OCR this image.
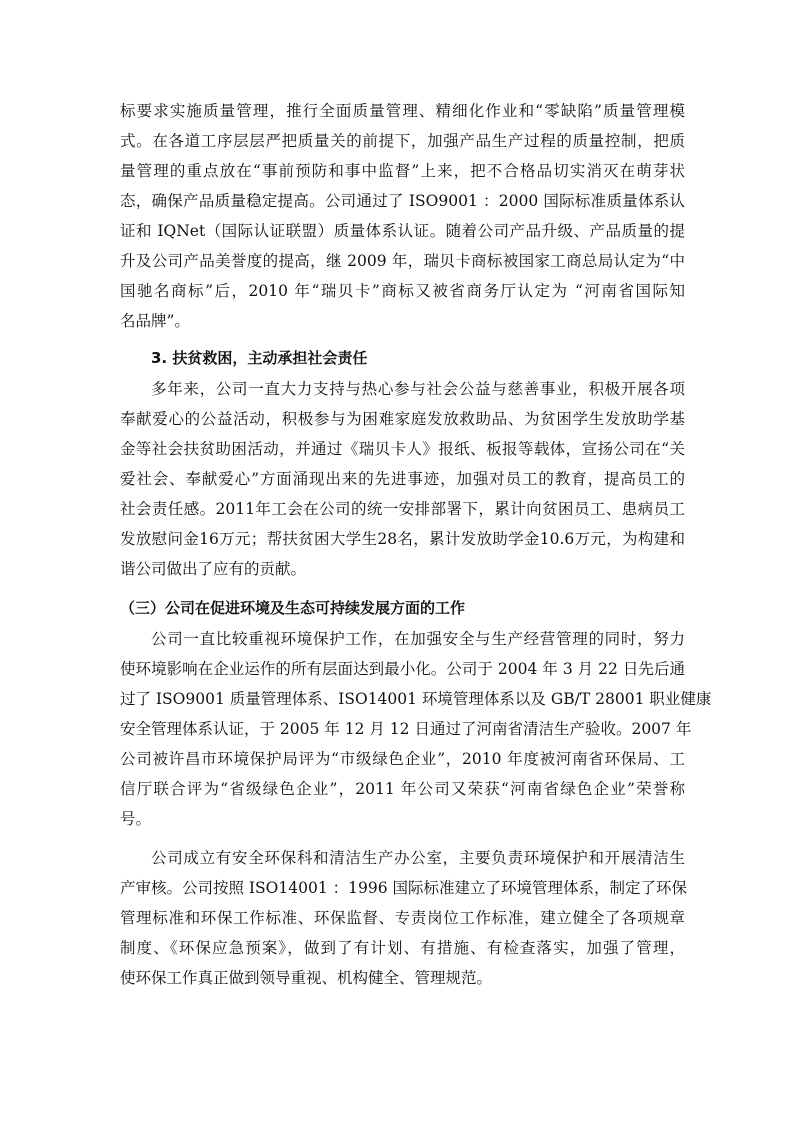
标要求实施质量管理，推行全面质量管理、精细化作业和“零缺陷”质量管理模
式。在各道工序层层严把质量关的前提下，加强产品生产过程的质量控制，把质
量管理的重点放在“事前预防和事中监督”上来，把不合格品切实消灭在萌芽状
态，确保产品质量稳定提高。公司通过了 ISO9001 ：2000 国际标准质量体系认
证和 IQNet（国际认证联盟）质量体系认证。随着公司产品升级、产品质量的提
升及公司产品美誉度的提高，继 2009 年，瑞贝卡商标被国家工商总局认定为“中
国驰名商标”后，2010 年“瑞贝卡”商标又被省商务厅认定为 “河南省国际知
名品牌”。
3. 扶贫救困，主动承担社会责任
多年来，公司一直大力支持与热心参与社会公益与慈善事业，积极开展各项
奉献爱心的公益活动，积极参与为困难家庭发放救助品、为贫困学生发放助学基
金等社会扶贫助困活动，并通过《瑞贝卡人》报纸、板报等载体，宣扬公司在“关
爱社会、奉献爱心”方面涌现出来的先进事迹，加强对员工的教育，提高员工的
社会责任感。2011年工会在公司的统一安排部署下，累计向贫困员工、患病员工
发放慰问金16万元；帮扶贫困大学生28名，累计发放助学金10.6万元，为构建和
谐公司做出了应有的贡献。
（三）公司在促进环境及生态可持续发展方面的工作
公司一直比较重视环境保护工作，在加强安全与生产经营管理的同时，努力
使环境影响在企业运作的所有层面达到最小化。公司于 2004 年 3 月 22 日先后通
过了 ISO9001 质量管理体系、ISO14001 环境管理体系以及 GB/T 28001 职业健康
安全管理体系认证，于 2005 年 12 月 12 日通过了河南省清洁生产验收。2007 年
公司被许昌市环境保护局评为“市级绿色企业”，2010 年度被河南省环保局、工
信厅联合评为“省级绿色企业”，2011 年公司又荣获“河南省绿色企业”荣誉称
号。
公司成立有安全环保科和清洁生产办公室，主要负责环境保护和开展清洁生
产审核。公司按照 ISO14001 ：1996 国际标准建立了环境管理体系，制定了环保
管理标准和环保工作标准、环保监督、专责岗位工作标准，建立健全了各项规章
制度、《环保应急预案》，做到了有计划、有措施、有检查落实，加强了管理，
使环保工作真正做到领导重视、机构健全、管理规范。
